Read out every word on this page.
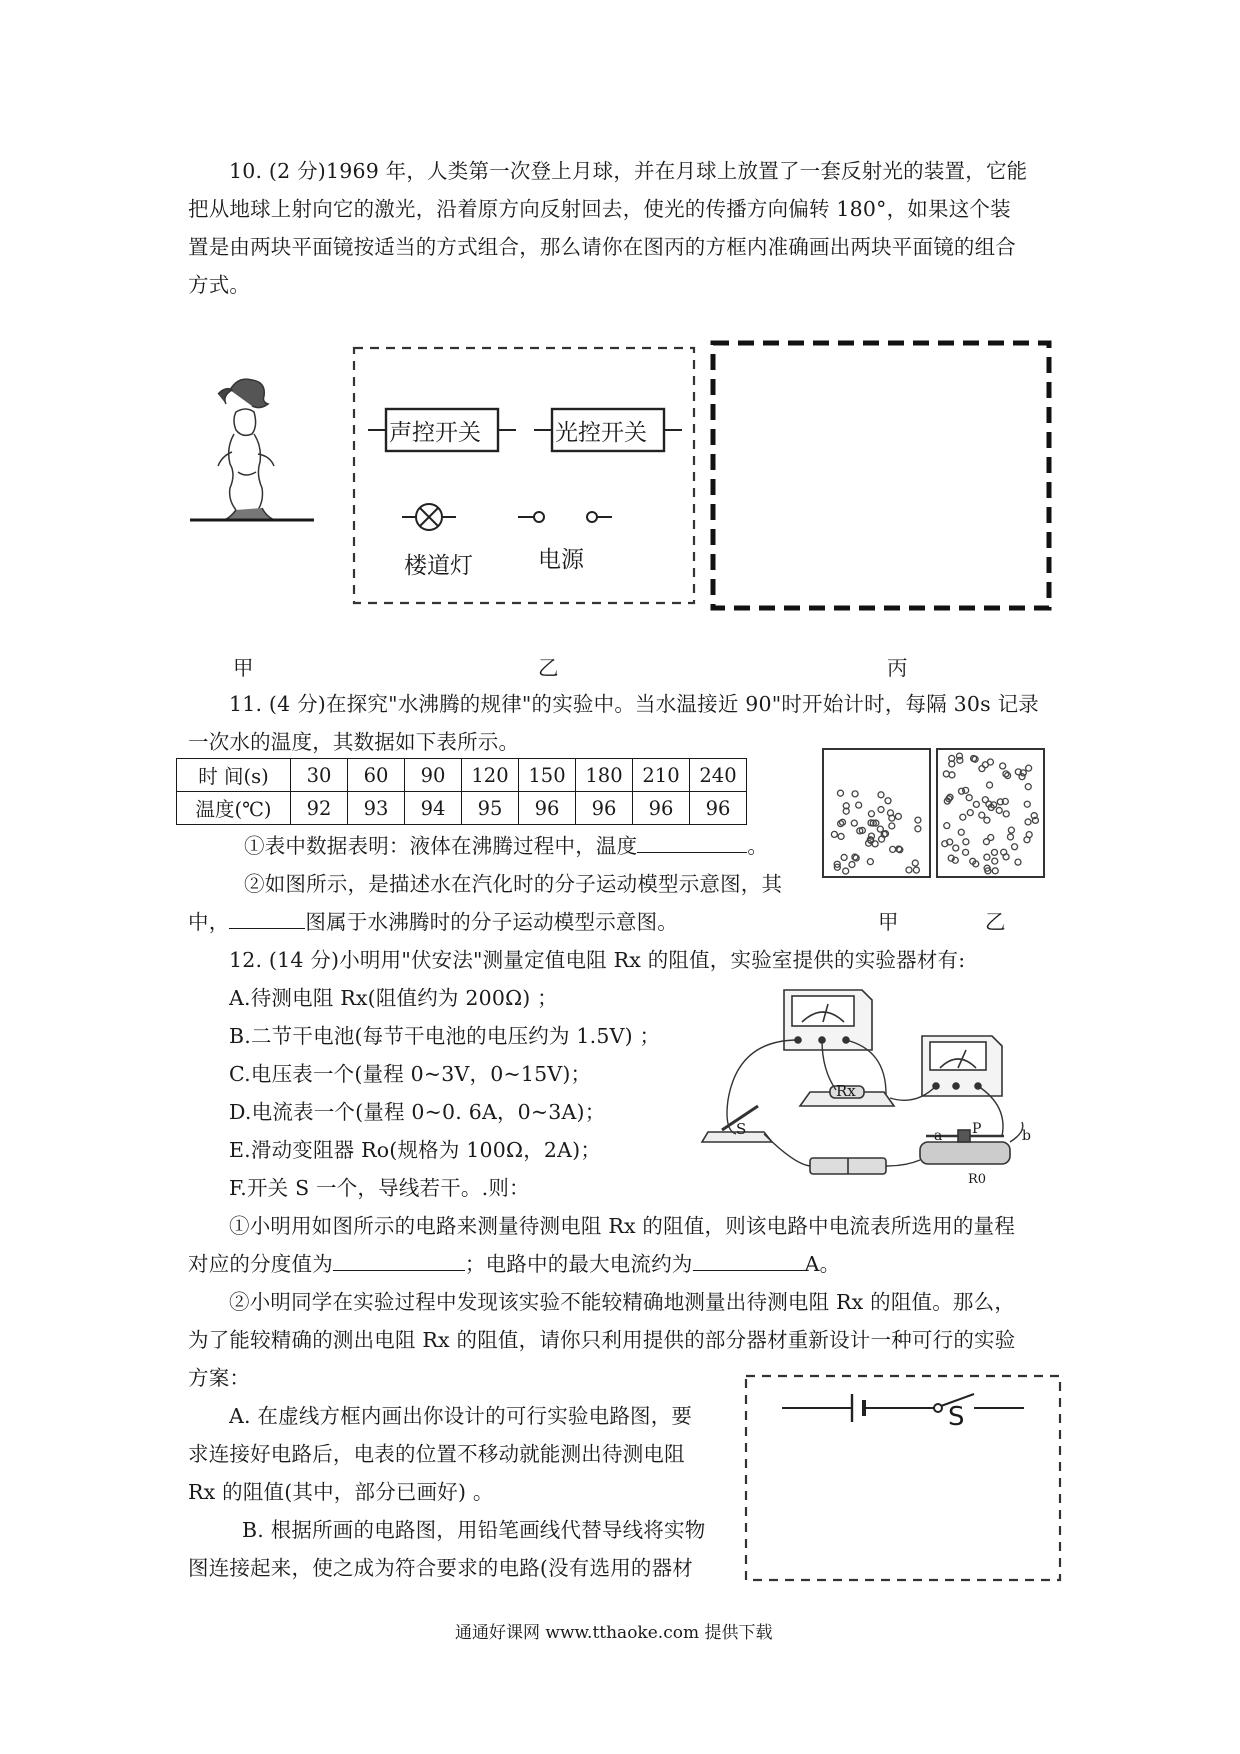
10. (2 分)1969 年，人类第一次登上月球，并在月球上放置了一套反射光的装置，它能
把从地球上射向它的激光，沿着原方向反射回去，使光的传播方向偏转 180°，如果这个装
置是由两块平面镜按适当的方式组合，那么请你在图丙的方框内准确画出两块平面镜的组合
方式。
声控开关	光控开关
楼道灯	电源
甲	乙	丙
11. (4 分)在探究"水沸腾的规律"的实验中。当水温接近 90"时开始计时，每隔 30s 记录
一次水的温度，其数据如下表所示。
时 间(s)	30	60	90	120	150	180	210	240
温度(℃)	92	93	94	95	96	96	96	96
①表中数据表明：液体在沸腾过程中，温度	。
②如图所示，是描述水在汽化时的分子运动模型示意图，其
中，	图属于水沸腾时的分子运动模型示意图。	甲	乙
12. (14 分)小明用"伏安法"测量定值电阻 Rx 的阻值，实验室提供的实验器材有:
A.待测电阻 Rx(阻值约为 200Ω) ；
B.二节干电池(每节干电池的电压约为 1.5V) ；
C.电压表一个(量程 0~3V，0~15V)；
D.电流表一个(量程 0~0. 6A，0~3A)；
E.滑动变阻器 Ro(规格为 100Ω，2A)；
F.开关 S 一个，导线若干。.则：
Rx
S	P
a	b
R0
①小明用如图所示的电路来测量待测电阻 Rx 的阻值，则该电路中电流表所选用的量程
对应的分度值为	；电路中的最大电流约为	A。
②小明同学在实验过程中发现该实验不能较精确地测量出待测电阻 Rx 的阻值。那么，
为了能较精确的测出电阻 Rx 的阻值，请你只利用提供的部分器材重新设计一种可行的实验
方案：
A. 在虚线方框内画出你设计的可行实验电路图，要
求连接好电路后，电表的位置不移动就能测出待测电阻
Rx 的阻值(其中，部分已画好) 。
B. 根据所画的电路图，用铅笔画线代替导线将实物
图连接起来，使之成为符合要求的电路(没有选用的器材
S
通通好课网 www.tthaoke.com 提供下载
